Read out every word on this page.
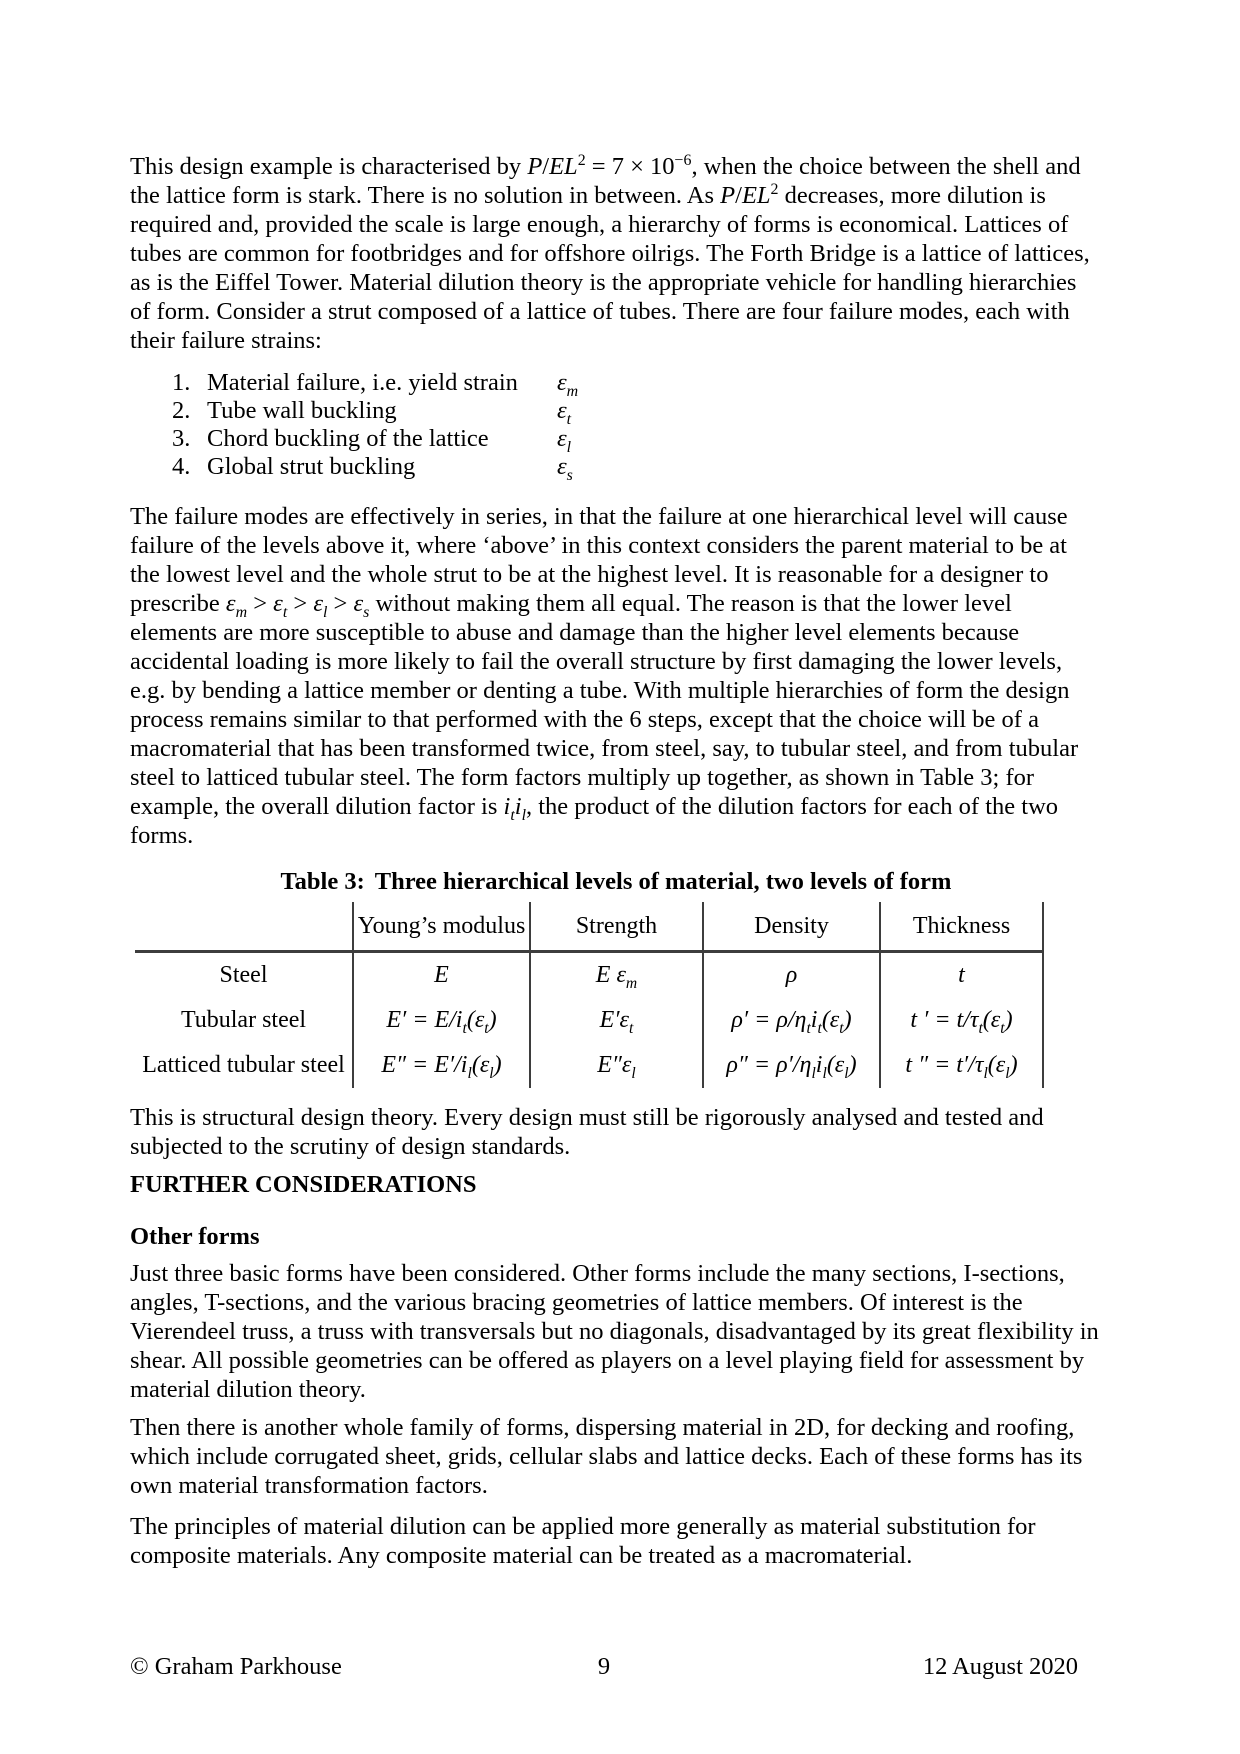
This design example is characterised by $P/EL^2 = 7 \times 10^{-6}$, when the choice between the shell and the lattice form is stark. There is no solution in between. As $P/EL^2$ decreases, more dilution is required and, provided the scale is large enough, a hierarchy of forms is economical. Lattices of tubes are common for footbridges and for offshore oilrigs. The Forth Bridge is a lattice of lattices, as is the Eiffel Tower. Material dilution theory is the appropriate vehicle for handling hierarchies of form. Consider a strut composed of a lattice of tubes. There are four failure modes, each with their failure strains:

1. Material failure, i.e. yield strain	$\varepsilon_m$
2. Tube wall buckling	$\varepsilon_t$
3. Chord buckling of the lattice	$\varepsilon_l$
4. Global strut buckling	$\varepsilon_s$

The failure modes are effectively in series, in that the failure at one hierarchical level will cause failure of the levels above it, where ‘above’ in this context considers the parent material to be at the lowest level and the whole strut to be at the highest level. It is reasonable for a designer to prescribe $\varepsilon_m > \varepsilon_t > \varepsilon_l > \varepsilon_s$ without making them all equal. The reason is that the lower level elements are more susceptible to abuse and damage than the higher level elements because accidental loading is more likely to fail the overall structure by first damaging the lower levels, e.g. by bending a lattice member or denting a tube. With multiple hierarchies of form the design process remains similar to that performed with the 6 steps, except that the choice will be of a macromaterial that has been transformed twice, from steel, say, to tubular steel, and from tubular steel to latticed tubular steel. The form factors multiply up together, as shown in Table 3; for example, the overall dilution factor is $i_ti_l$, the product of the dilution factors for each of the two forms.

Table 3: Three hierarchical levels of material, two levels of form
	Young’s modulus	Strength	Density	Thickness
Steel	E	E $\varepsilon_m$	ρ	t
Tubular steel	$E' = E/i_t(\varepsilon_t)$	$E'\varepsilon_t$	$\rho' = \rho/\eta_ti_t(\varepsilon_t)$	t ′ = $t/\tau_t(\varepsilon_t)$
Latticed tubular steel	$E'' = E'/i_l(\varepsilon_l)$	$E''\varepsilon_l$	$\rho'' = \rho'/\eta_li_l(\varepsilon_l)$	t ″ = $t'/\tau_l(\varepsilon_l)$

This is structural design theory. Every design must still be rigorously analysed and tested and subjected to the scrutiny of design standards.

FURTHER CONSIDERATIONS
Other forms

Just three basic forms have been considered. Other forms include the many sections, I-sections, angles, T-sections, and the various bracing geometries of lattice members. Of interest is the Vierendeel truss, a truss with transversals but no diagonals, disadvantaged by its great flexibility in shear. All possible geometries can be offered as players on a level playing field for assessment by material dilution theory.

Then there is another whole family of forms, dispersing material in 2D, for decking and roofing, which include corrugated sheet, grids, cellular slabs and lattice decks. Each of these forms has its own material transformation factors.

The principles of material dilution can be applied more generally as material substitution for composite materials. Any composite material can be treated as a macromaterial.

© Graham Parkhouse	9	12 August 2020
